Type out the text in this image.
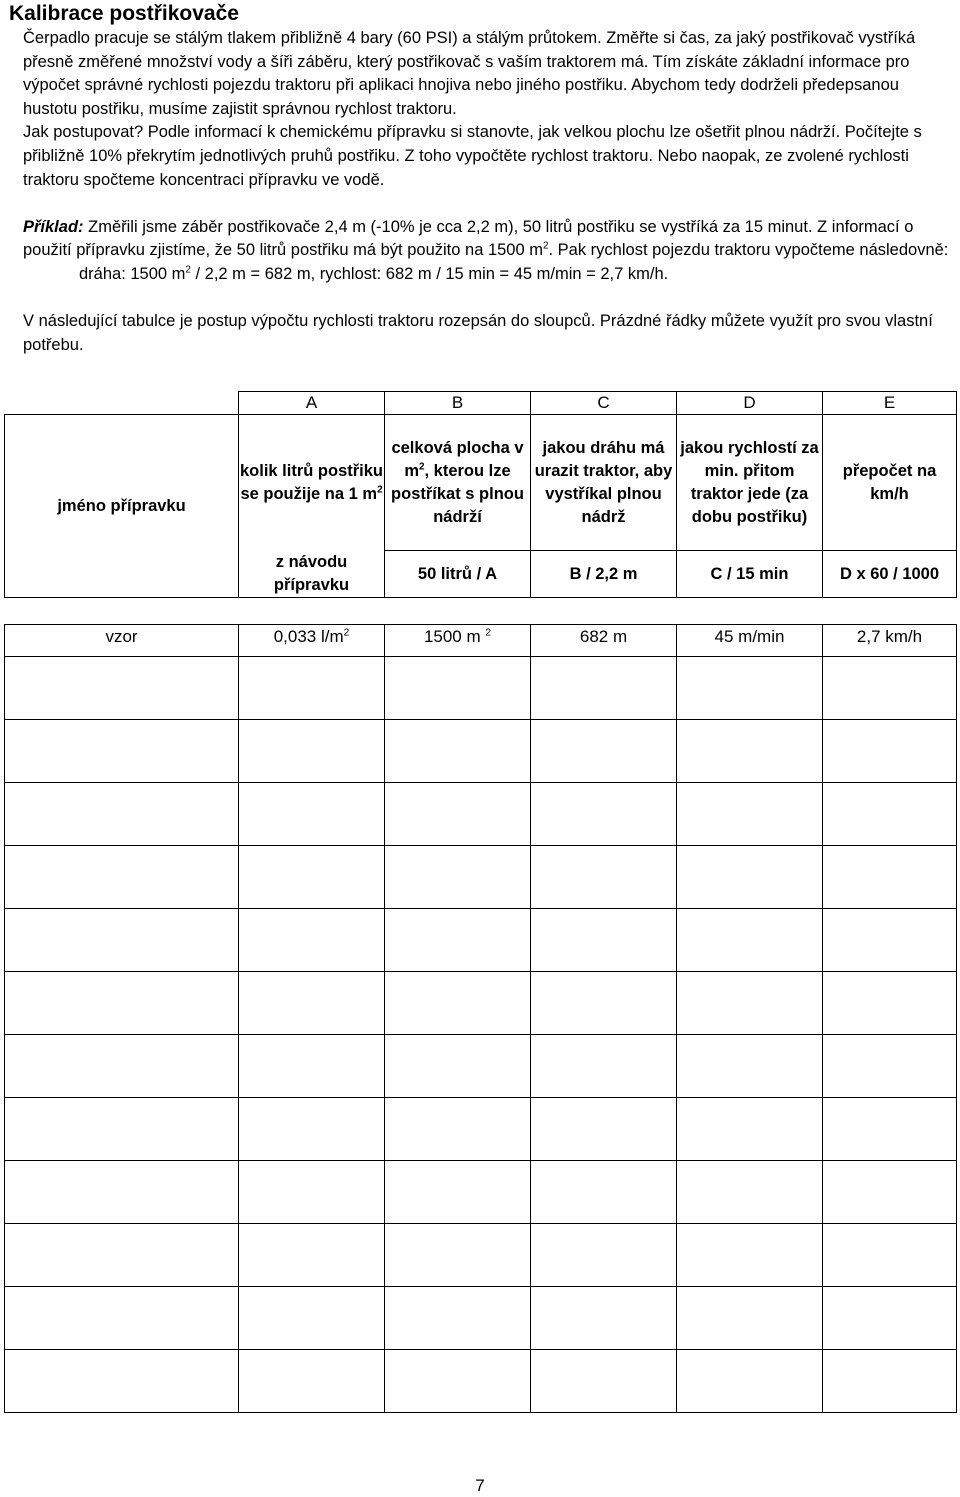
Kalibrace postřikovače

Čerpadlo pracuje se stálým tlakem přibližně 4 bary (60 PSI) a stálým průtokem. Změřte si čas, za jaký postřikovač vystříká přesně změřené množství vody a šíři záběru, který postřikovač s vaším traktorem má. Tím získáte základní informace pro výpočet správné rychlosti pojezdu traktoru při aplikaci hnojiva nebo jiného postřiku. Abychom tedy dodrželi předepsanou hustotu postřiku, musíme zajistit správnou rychlost traktoru.

Jak postupovat? Podle informací k chemickému přípravku si stanovte, jak velkou plochu lze ošetřit plnou nádrží. Počítejte s přibližně 10% překrytím jednotlivých pruhů postřiku. Z toho vypočtěte rychlost traktoru. Nebo naopak, ze zvolené rychlosti traktoru spočteme koncentraci přípravku ve vodě.

Příklad: Změřili jsme záběr postřikovače 2,4 m (-10% je cca 2,2 m), 50 litrů postřiku se vystříká za 15 minut. Z informací o použití přípravku zjistíme, že 50 litrů postřiku má být použito na 1500 $m^2$. Pak rychlost pojezdu traktoru vypočteme následovně:

dráha: 1500 $m^2 / 2,2$ m = 682 m, rychlost: 682 m / 15 min = 45 m/min = 2,7 km/h.

V následující tabulce je postup výpočtu rychlosti traktoru rozepsán do sloupců. Prázdné řádky můžete využít pro svou vlastní potřebu.

	A	B	C	D	E
jméno přípravku	kolik litrů postřiku se použije na 1 $m^2$	celková plocha v $m^2$, kterou lze postříkat s plnou nádrží	jakou dráhu má urazit traktor, aby vystříkal plnou nádrž	jakou rychlostí za min. přitom traktor jede (za dobu postřiku)	přepočet na km/h
	z návodu přípravku	50 litrů / A	B / 2,2 m	C / 15 min	D x 60 / 1000
vzor	0,033 $l/m^2$	1500 m $^2$	682 m	45 m/min	2,7 km/h

7
